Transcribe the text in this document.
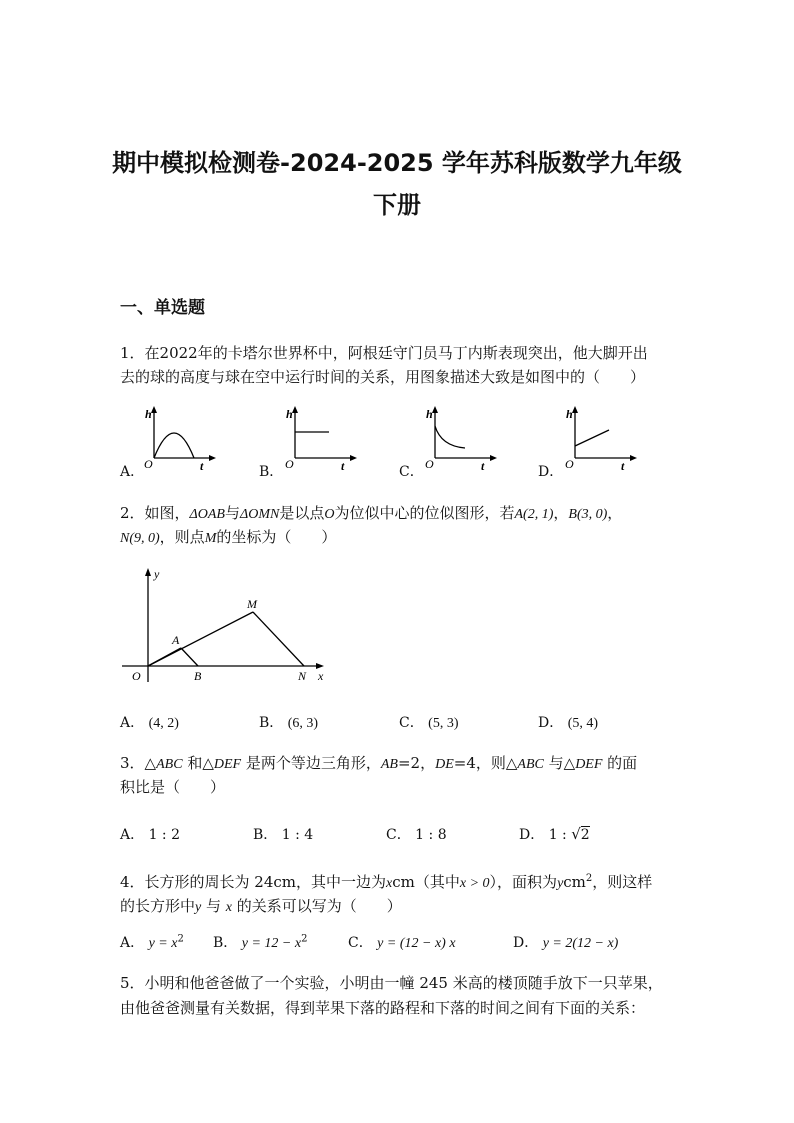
期中模拟检测卷-2024-2025 学年苏科版数学九年级
下册
一、单选题
1．在2022年的卡塔尔世界杯中，阿根廷守门员马丁内斯表现突出，他大脚开出
去的球的高度与球在空中运行时间的关系，用图象描述大致是如图中的（　　）
A．	B．	C．	D．
h
O	t
h
O	t
h
O	t
h
O	t
2．如图，ΔOAB与ΔOMN是以点O为位似中心的位似图形，若A(2, 1)，B(3, 0)，
N(9, 0)，则点M的坐标为（　　）
y
x
O
A
B
M
N
A． (4, 2)	B． (6, 3)	C． (5, 3)	D． (5, 4)
3．△ABC 和△DEF 是两个等边三角形，AB=2，DE=4，则△ABC 与△DEF 的面
积比是（　　）
A． 1 : 2	B． 1 : 4	C． 1 : 8	D． 1 : √2
4．长方形的周长为 24cm，其中一边为xcm（其中x > 0），面积为ycm$^2$，则这样
的长方形中y 与 x 的关系可以写为（　　）
A． $y = x^2$ B． $y = 12 - x^2$	C． y = (12 − x) x	D． y = 2(12 − x)
5．小明和他爸爸做了一个实验，小明由一幢 245 米高的楼顶随手放下一只苹果，
由他爸爸测量有关数据，得到苹果下落的路程和下落的时间之间有下面的关系：
